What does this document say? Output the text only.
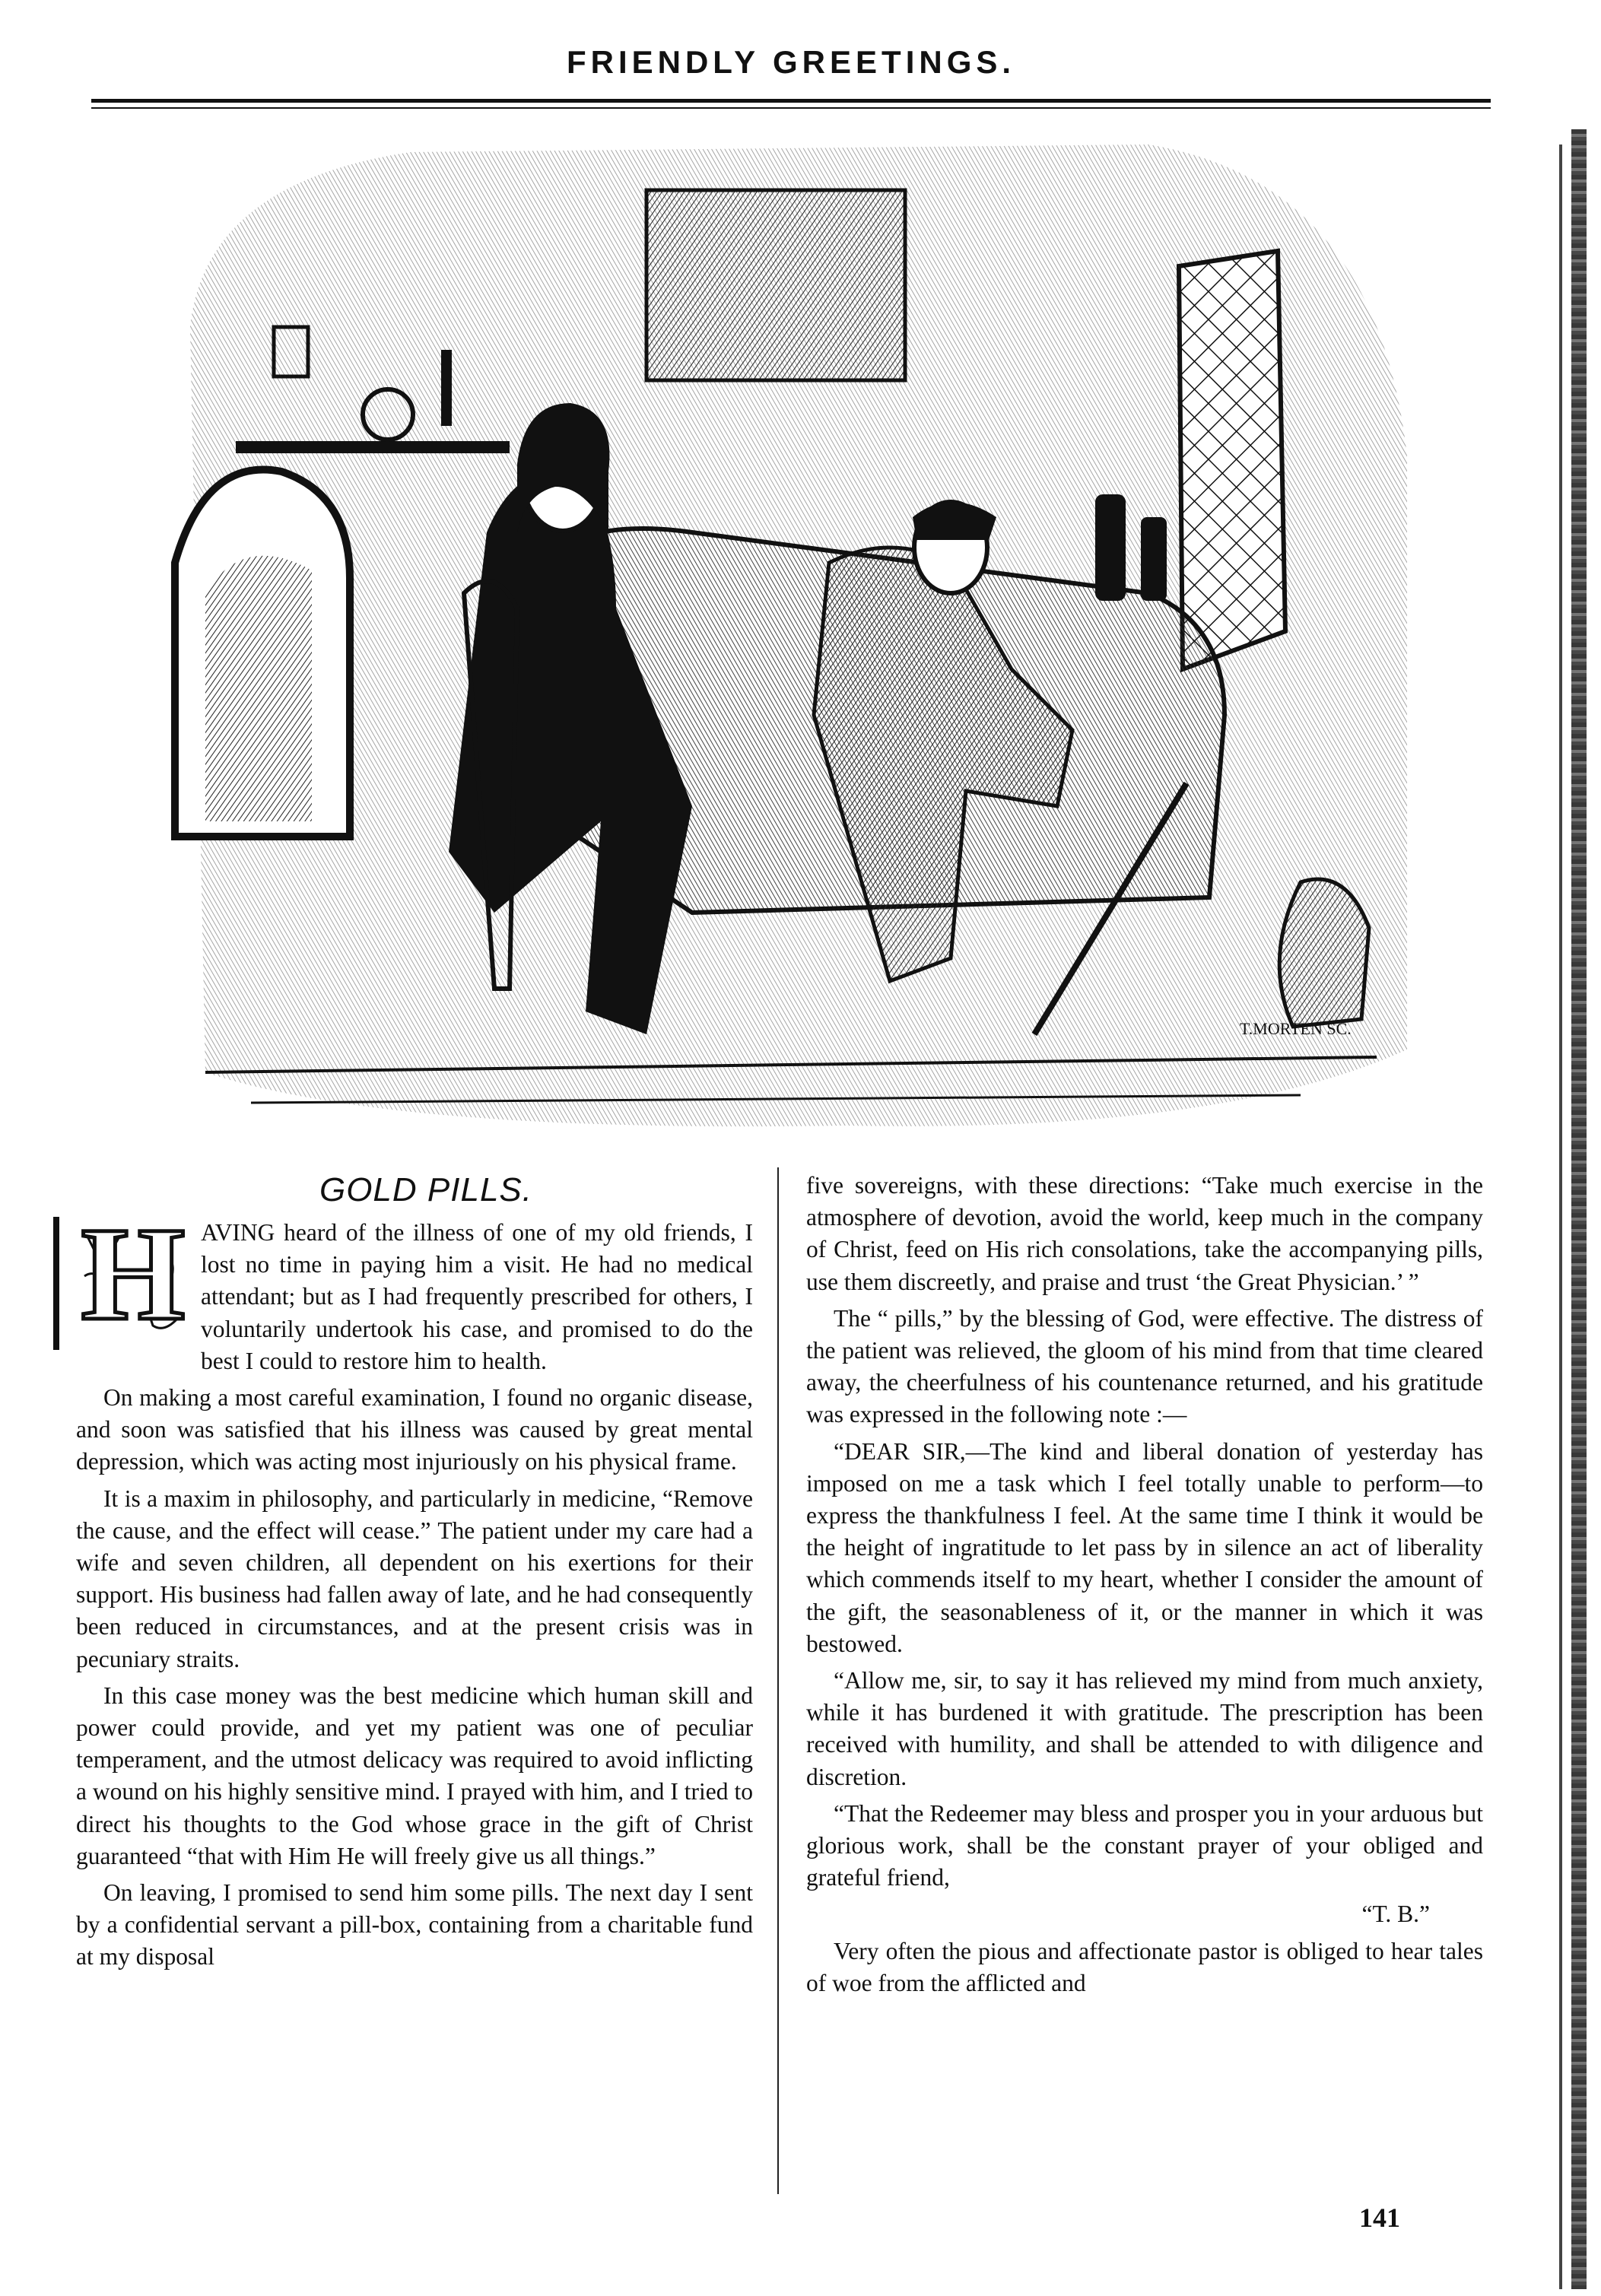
FRIENDLY GREETINGS.
T.MORTEN SC.
GOLD PILLS.
H AVING heard of the illness of one of my old friends, I lost no time in paying him a visit. He had no medical attendant; but as I had frequently prescribed for others, I voluntarily undertook his case, and promised to do the best I could to restore him to health.

On making a most careful examination, I found no organic disease, and soon was satisfied that his illness was caused by great mental depression, which was acting most injuriously on his physical frame.

It is a maxim in philosophy, and particularly in medicine, “Remove the cause, and the effect will cease.” The patient under my care had a wife and seven children, all dependent on his exertions for their support. His business had fallen away of late, and he had consequently been reduced in circumstances, and at the present crisis was in pecuniary straits.

In this case money was the best medicine which human skill and power could provide, and yet my patient was one of peculiar temperament, and the utmost delicacy was required to avoid inflicting a wound on his highly sensitive mind. I prayed with him, and I tried to direct his thoughts to the God whose grace in the gift of Christ guaranteed “that with Him He will freely give us all things.”

On leaving, I promised to send him some pills. The next day I sent by a confidential servant a pill-box, containing from a charitable fund at my disposal

five sovereigns, with these directions: “Take much exercise in the atmosphere of devotion, avoid the world, keep much in the company of Christ, feed on His rich consolations, take the accompanying pills, use them discreetly, and praise and trust ‘the Great Physician.’ ”

The “ pills,” by the blessing of God, were effective. The distress of the patient was relieved, the gloom of his mind from that time cleared away, the cheerfulness of his countenance returned, and his gratitude was expressed in the following note :—

“DEAR SIR,—The kind and liberal donation of yesterday has imposed on me a task which I feel totally unable to perform—to express the thankfulness I feel. At the same time I think it would be the height of ingratitude to let pass by in silence an act of liberality which commends itself to my heart, whether I consider the amount of the gift, the seasonableness of it, or the manner in which it was bestowed.

“Allow me, sir, to say it has relieved my mind from much anxiety, while it has burdened it with gratitude. The prescription has been received with humility, and shall be attended to with diligence and discretion.

“That the Redeemer may bless and prosper you in your arduous but glorious work, shall be the constant prayer of your obliged and grateful friend,

“T. B.”

Very often the pious and affectionate pastor is obliged to hear tales of woe from the afflicted and

141
